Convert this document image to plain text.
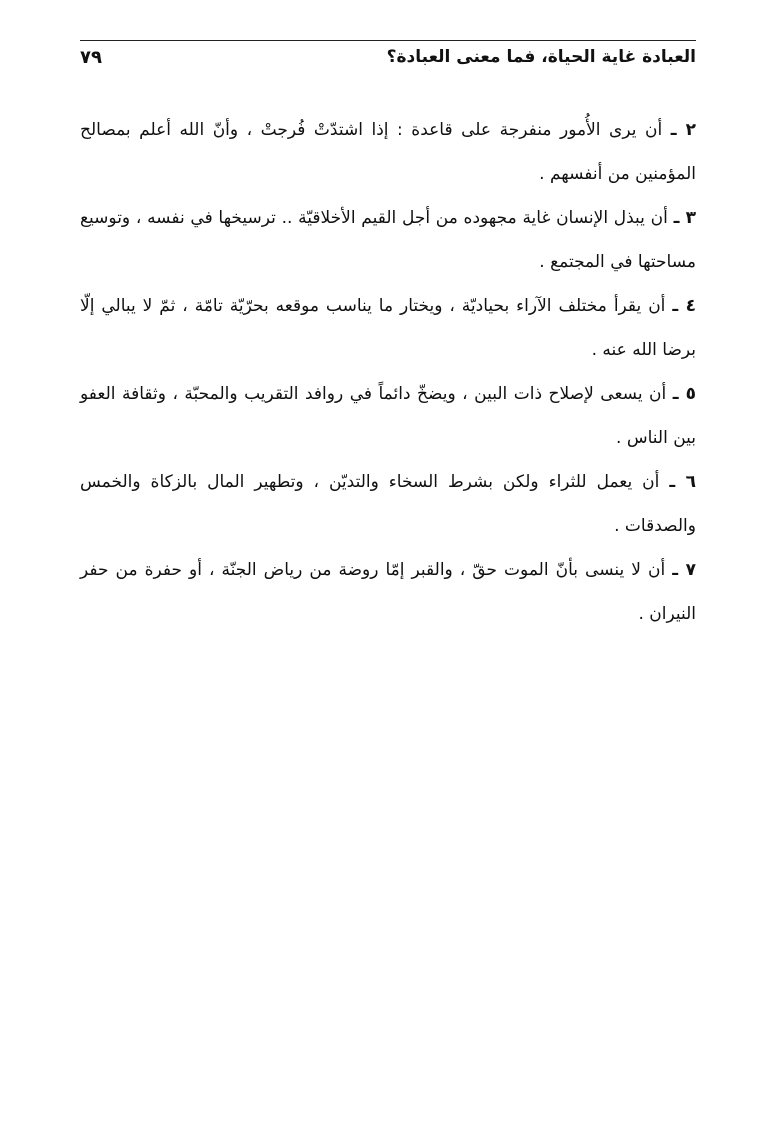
العبادة غاية الحياة، فما معنى العبادة؟
٧٩

٢ ـ أن يرى الأُمور منفرجة على قاعدة : إذا اشتدّتْ فُرجتْ ، وأنّ الله أعلم بمصالح المؤمنين من أنفسهم .

٣ ـ أن يبذل الإنسان غاية مجهوده من أجل القيم الأخلاقيّة .. ترسيخها في نفسه ، وتوسيع مساحتها في المجتمع .

٤ ـ أن يقرأ مختلف الآراء بحياديّة ، ويختار ما يناسب موقعه بحرّيّة تامّة ، ثمّ لا يبالي إلّا برضا الله عنه .

٥ ـ أن يسعى لإصلاح ذات البين ، ويضخّ دائماً في روافد التقريب والمحبّة ، وثقافة العفو بين الناس .

٦ ـ أن يعمل للثراء ولكن بشرط السخاء والتديّن ، وتطهير المال بالزكاة والخمس والصدقات .

٧ ـ أن لا ينسى بأنّ الموت حقّ ، والقبر إمّا روضة من رياض الجنّة ، أو حفرة من حفر النيران .
